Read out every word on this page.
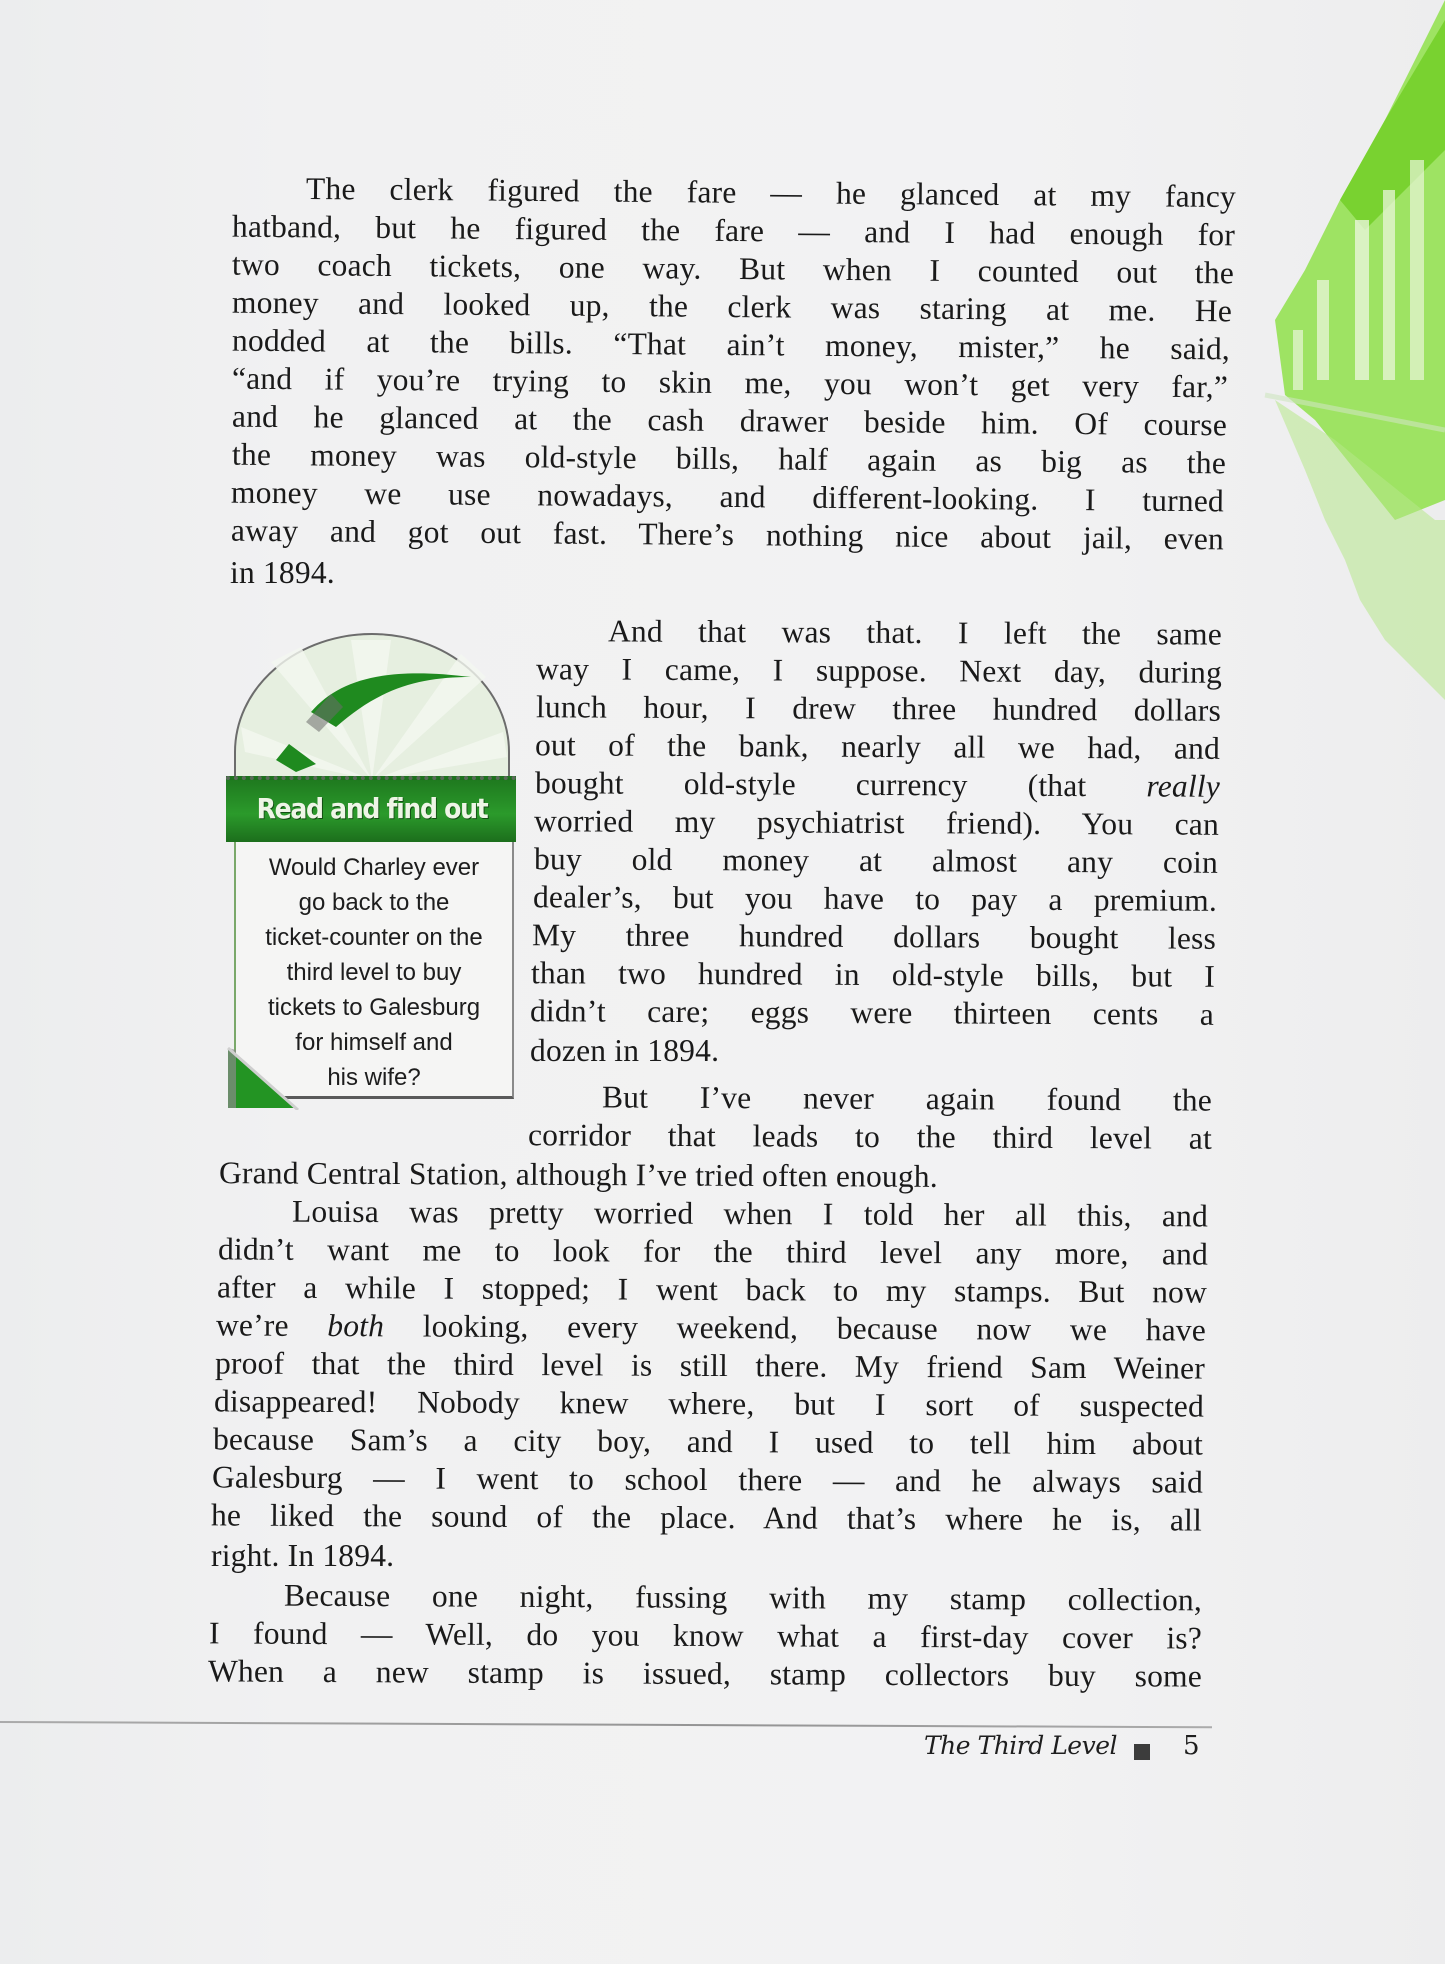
The clerk figured the fare — he glanced at my fancy
hatband, but he figured the fare — and I had enough for
two coach tickets, one way. But when I counted out the
money and looked up, the clerk was staring at me. He
nodded at the bills. “That ain’t money, mister,” he said,
“and if you’re trying to skin me, you won’t get very far,”
and he glanced at the cash drawer beside him. Of course
the money was old-style bills, half again as big as the
money we use nowadays, and different-looking. I turned
away and got out fast. There’s nothing nice about jail, even
in 1894.
Read and find out
Would Charley ever
go back to the
ticket-counter on the
third level to buy
tickets to Galesburg
for himself and
his wife?
And that was that. I left the same
way I came, I suppose. Next day, during
lunch hour, I drew three hundred dollars
out of the bank, nearly all we had, and
bought old-style currency (that really
worried my psychiatrist friend). You can
buy old money at almost any coin
dealer’s, but you have to pay a premium.
My three hundred dollars bought less
than two hundred in old-style bills, but I
didn’t care; eggs were thirteen cents a
dozen in 1894.
But I’ve never again found the
corridor that leads to the third level at
Grand Central Station, although I’ve tried often enough.
Louisa was pretty worried when I told her all this, and
didn’t want me to look for the third level any more, and
after a while I stopped; I went back to my stamps. But now
we’re both looking, every weekend, because now we have
proof that the third level is still there. My friend Sam Weiner
disappeared! Nobody knew where, but I sort of suspected
because Sam’s a city boy, and I used to tell him about
Galesburg — I went to school there — and he always said
he liked the sound of the place. And that’s where he is, all
right. In 1894.
Because one night, fussing with my stamp collection,
I found — Well, do you know what a first-day cover is?
When a new stamp is issued, stamp collectors buy some
The Third Level	5
